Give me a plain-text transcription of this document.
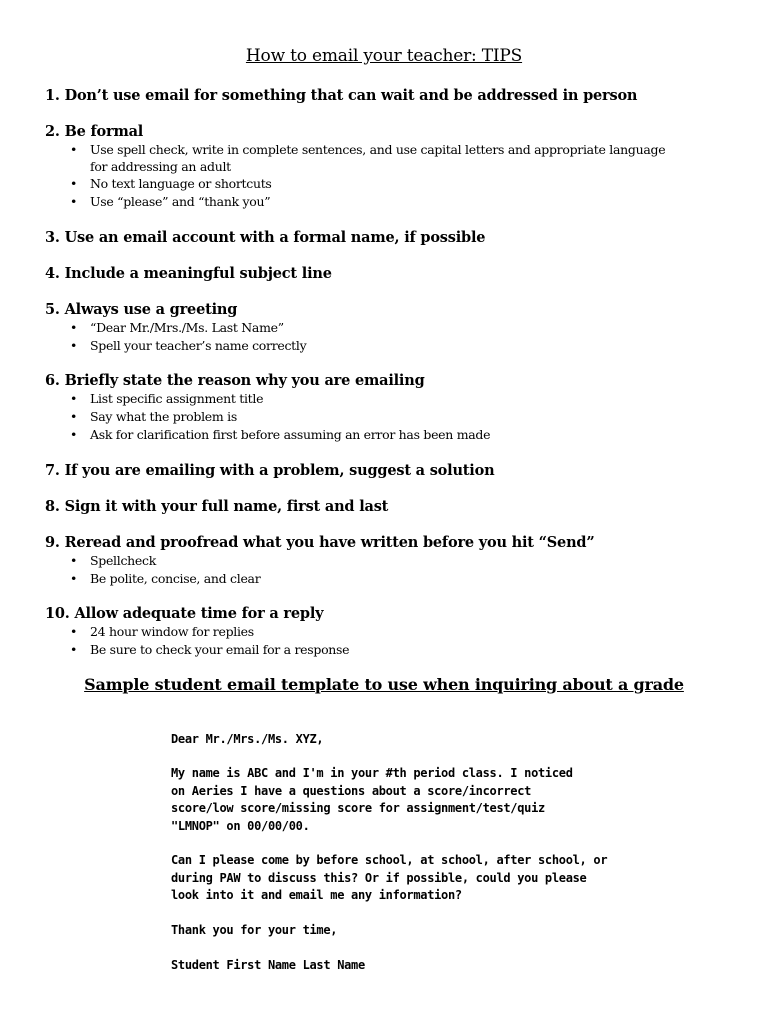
How to email your teacher: TIPS
1. Don’t use email for something that can wait and be addressed in person
2. Be formal
• Use spell check, write in complete sentences, and use capital letters and appropriate language for addressing an adult
• No text language or shortcuts
• Use “please” and “thank you”
3. Use an email account with a formal name, if possible
4. Include a meaningful subject line
5. Always use a greeting
• “Dear Mr./Mrs./Ms. Last Name”
• Spell your teacher’s name correctly
6. Briefly state the reason why you are emailing
• List specific assignment title
• Say what the problem is
• Ask for clarification first before assuming an error has been made
7. If you are emailing with a problem, suggest a solution
8. Sign it with your full name, first and last
9. Reread and proofread what you have written before you hit “Send”
• Spellcheck
• Be polite, concise, and clear
10. Allow adequate time for a reply
• 24 hour window for replies
• Be sure to check your email for a response
Sample student email template to use when inquiring about a grade
Dear Mr./Mrs./Ms. XYZ,
My name is ABC and I'm in your #th period class. I noticed
on Aeries I have a questions about a score/incorrect
score/low score/missing score for assignment/test/quiz
"LMNOP" on 00/00/00.
Can I please come by before school, at school, after school, or
during PAW to discuss this? Or if possible, could you please
look into it and email me any information?
Thank you for your time,
Student First Name Last Name
